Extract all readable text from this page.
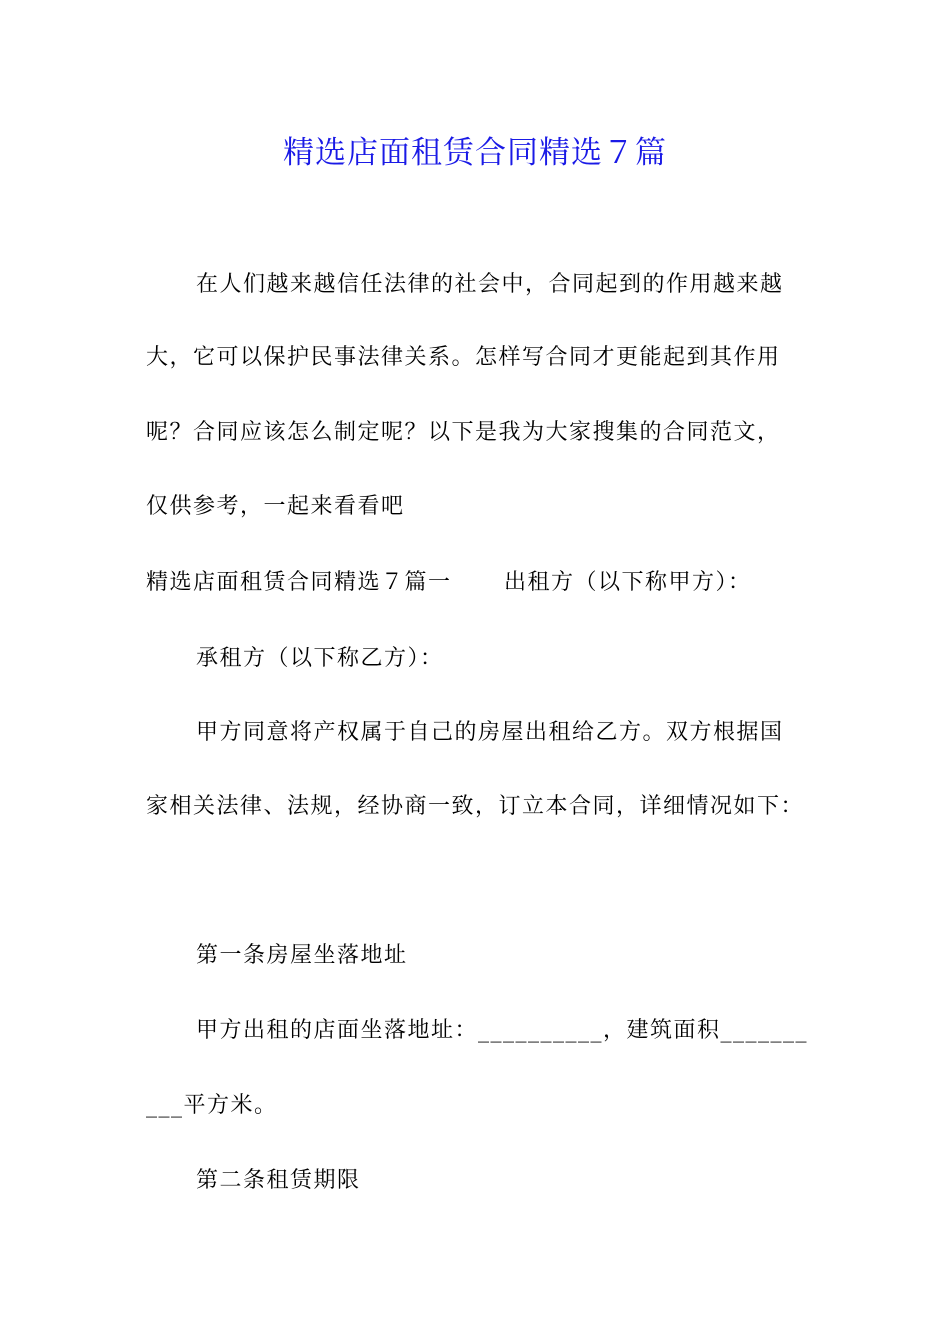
精选店面租赁合同精选７篇
在人们越来越信任法律的社会中，合同起到的作用越来越
大，它可以保护民事法律关系。怎样写合同才更能起到其作用
呢？合同应该怎么制定呢？以下是我为大家搜集的合同范文，
仅供参考，一起来看看吧
精选店面租赁合同精选７篇一 出租方（以下称甲方）：
承租方（以下称乙方）：
甲方同意将产权属于自己的房屋出租给乙方。双方根据国
家相关法律、法规，经协商一致，订立本合同，详细情况如下：
第一条房屋坐落地址
甲方出租的店面坐落地址：__________，建筑面积_______
___平方米。
第二条租赁期限
